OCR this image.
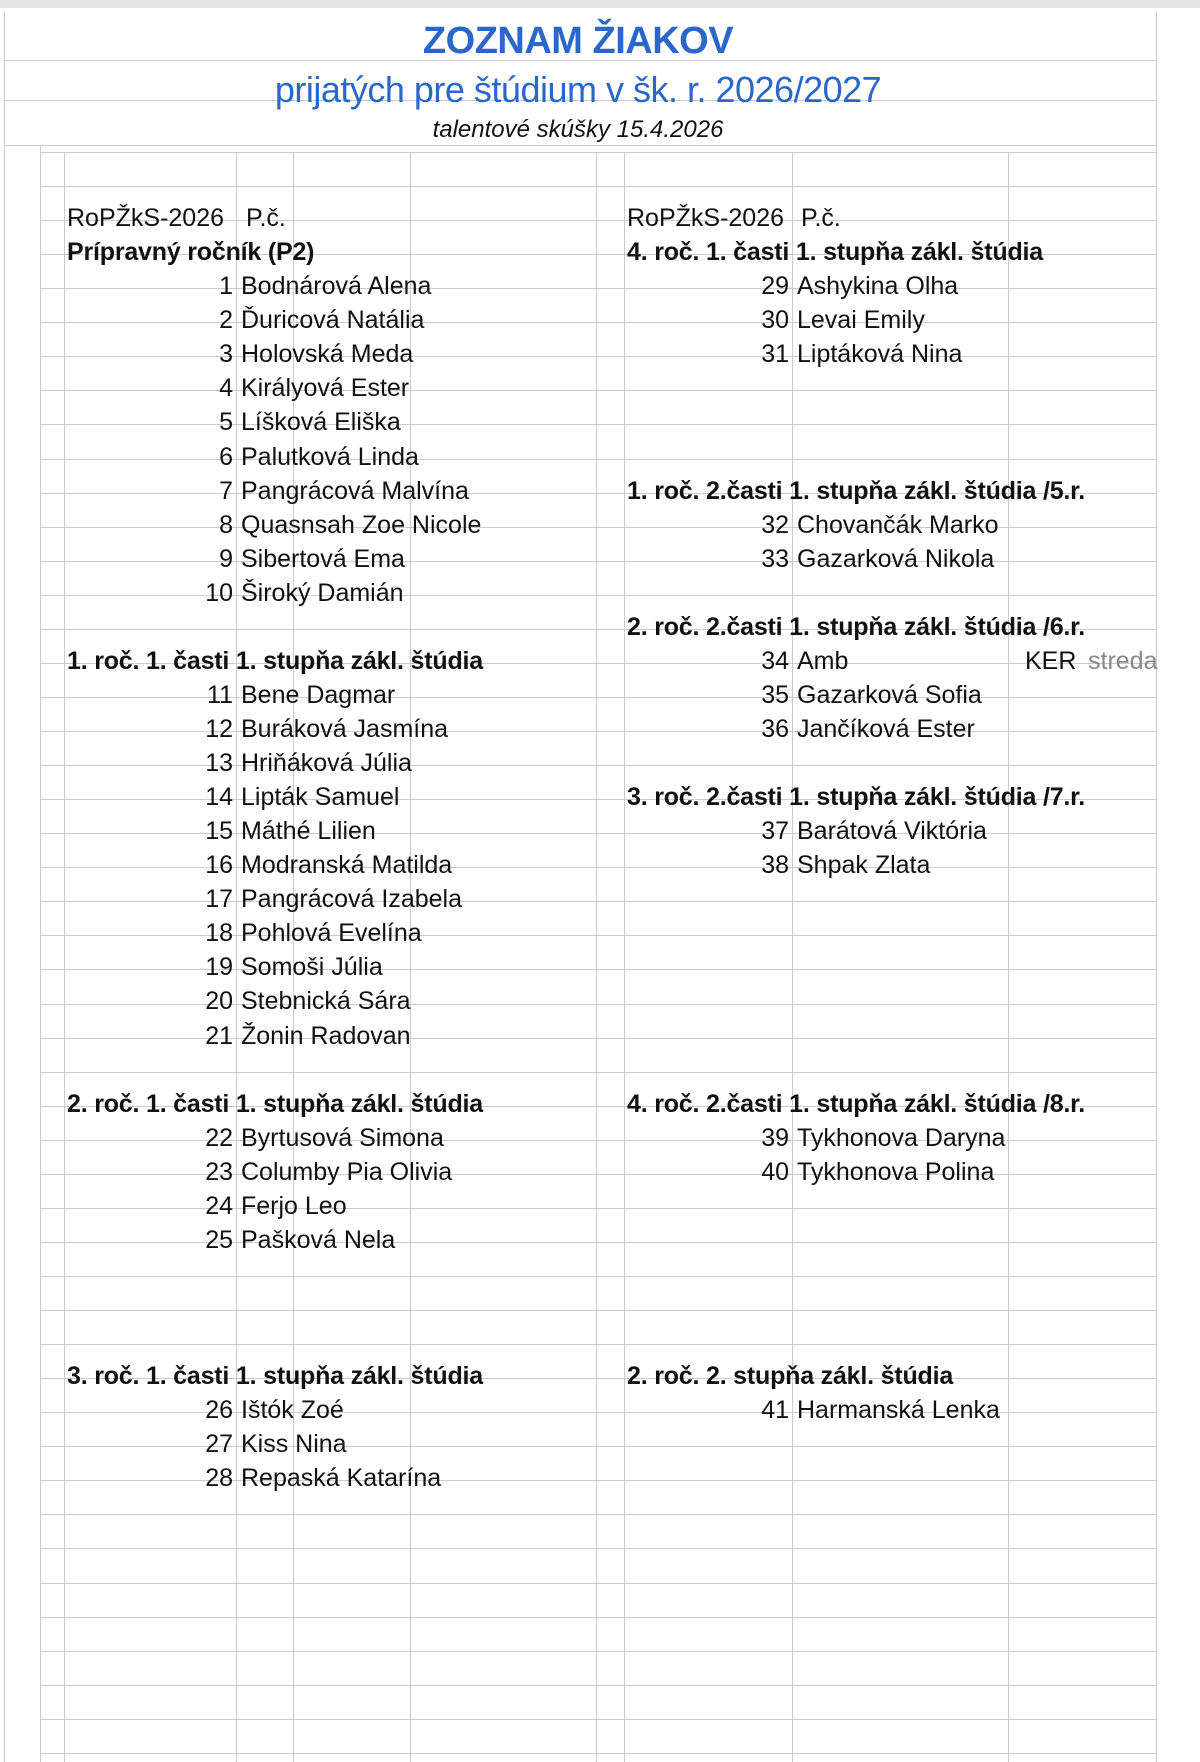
ZOZNAM ŽIAKOV
prijatých pre štúdium v šk. r. 2026/2027
talentové skúšky 15.4.2026
RoPŽkS-2026 P.č.	RoPŽkS-2026 P.č.
Prípravný ročník (P2)
1 Bodnárová Alena
2 Ďuricová Natália
3 Holovská Meda
4 Királyová Ester
5 Líšková Eliška
6 Palutková Linda
7 Pangrácová Malvína
8 Quasnsah Zoe Nicole
9 Sibertová Ema
10 Široký Damián
1. roč. 1. časti 1. stupňa zákl. štúdia
11 Bene Dagmar
12 Buráková Jasmína
13 Hriňáková Júlia
14 Lipták Samuel
15 Máthé Lilien
16 Modranská Matilda
17 Pangrácová Izabela
18 Pohlová Evelína
19 Somoši Júlia
20 Stebnická Sára
21 Žonin Radovan
2. roč. 1. časti 1. stupňa zákl. štúdia
22 Byrtusová Simona
23 Columby Pia Olivia
24 Ferjo Leo
25 Pašková Nela
3. roč. 1. časti 1. stupňa zákl. štúdia
26 Ištók Zoé
27 Kiss Nina
28 Repaská Katarína
4. roč. 1. časti 1. stupňa zákl. štúdia
29 Ashykina Olha
30 Levai Emily
31 Liptáková Nina
1. roč. 2.časti 1. stupňa zákl. štúdia /5.r.
32 Chovančák Marko
33 Gazarková Nikola
2. roč. 2.časti 1. stupňa zákl. štúdia /6.r.
34 Amb	KER streda
35 Gazarková Sofia
36 Jančíková Ester
3. roč. 2.časti 1. stupňa zákl. štúdia /7.r.
37 Barátová Viktória
38 Shpak Zlata
4. roč. 2.časti 1. stupňa zákl. štúdia /8.r.
39 Tykhonova Daryna
40 Tykhonova Polina
2. roč. 2. stupňa zákl. štúdia
41 Harmanská Lenka
